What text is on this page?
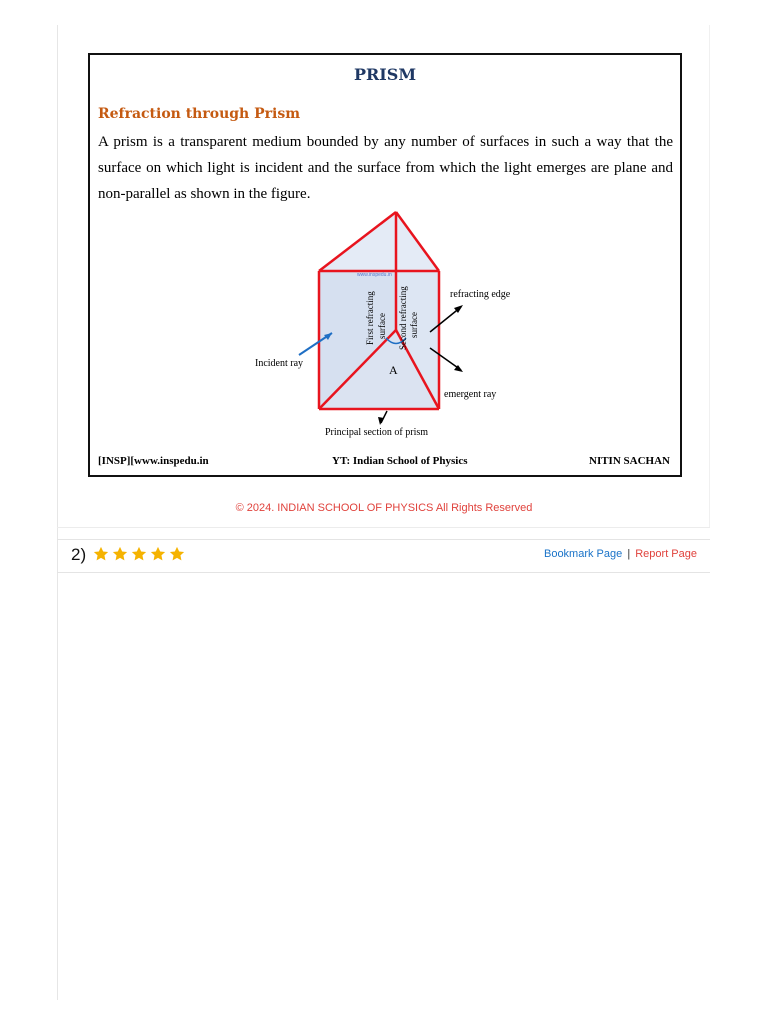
PRISM
Refraction through Prism
A prism is a transparent medium bounded by any number of surfaces in such a way that the surface on which light is incident and the surface from which the light emerges are plane and non-parallel as shown in the figure.
A
www.inspedu.in
First refracting surface Second refracting surface
Incident ray
refracting edge
emergent ray
Principal section of prism
[INSP][www.inspedu.in	YT: Indian School of Physics	NITIN SACHAN
© 2024. INDIAN SCHOOL OF PHYSICS All Rights Reserved
2)	Bookmark Page | Report Page
